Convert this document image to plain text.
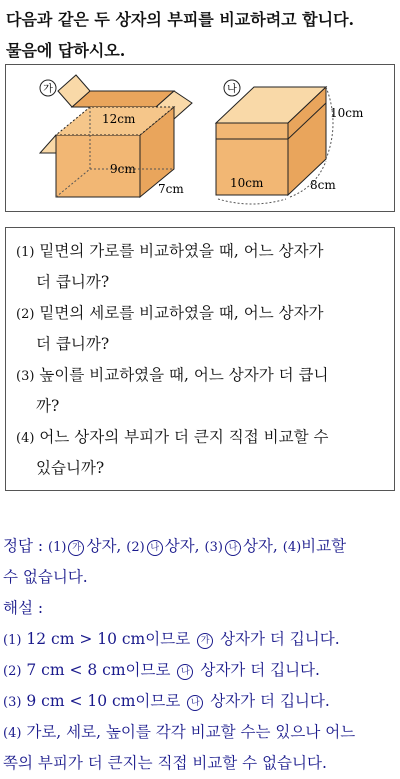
다음과 같은 두 상자의 부피를 비교하려고 합니다.
물음에 답하시오.
가
12cm
9cm
7cm
나
10cm
10cm	8cm
(1) 밑면의 가로를 비교하였을 때, 어느 상자가
더 큽니까?
(2) 밑면의 세로를 비교하였을 때, 어느 상자가
더 큽니까?
(3) 높이를 비교하였을 때, 어느 상자가 더 큽니
까?
(4) 어느 상자의 부피가 더 큰지 직접 비교할 수
있습니까?
정답 : (1) 가 상자, (2) 나 상자, (3) 나 상자, (4)비교할
수 없습니다.
해설 :
(1) 12 cm > 10 cm이므로 가 상자가 더 깁니다.
(2) 7 cm < 8 cm이므로 나 상자가 더 깁니다.
(3) 9 cm < 10 cm이므로 나 상자가 더 깁니다.
(4) 가로, 세로, 높이를 각각 비교할 수는 있으나 어느
쪽의 부피가 더 큰지는 직접 비교할 수 없습니다.
